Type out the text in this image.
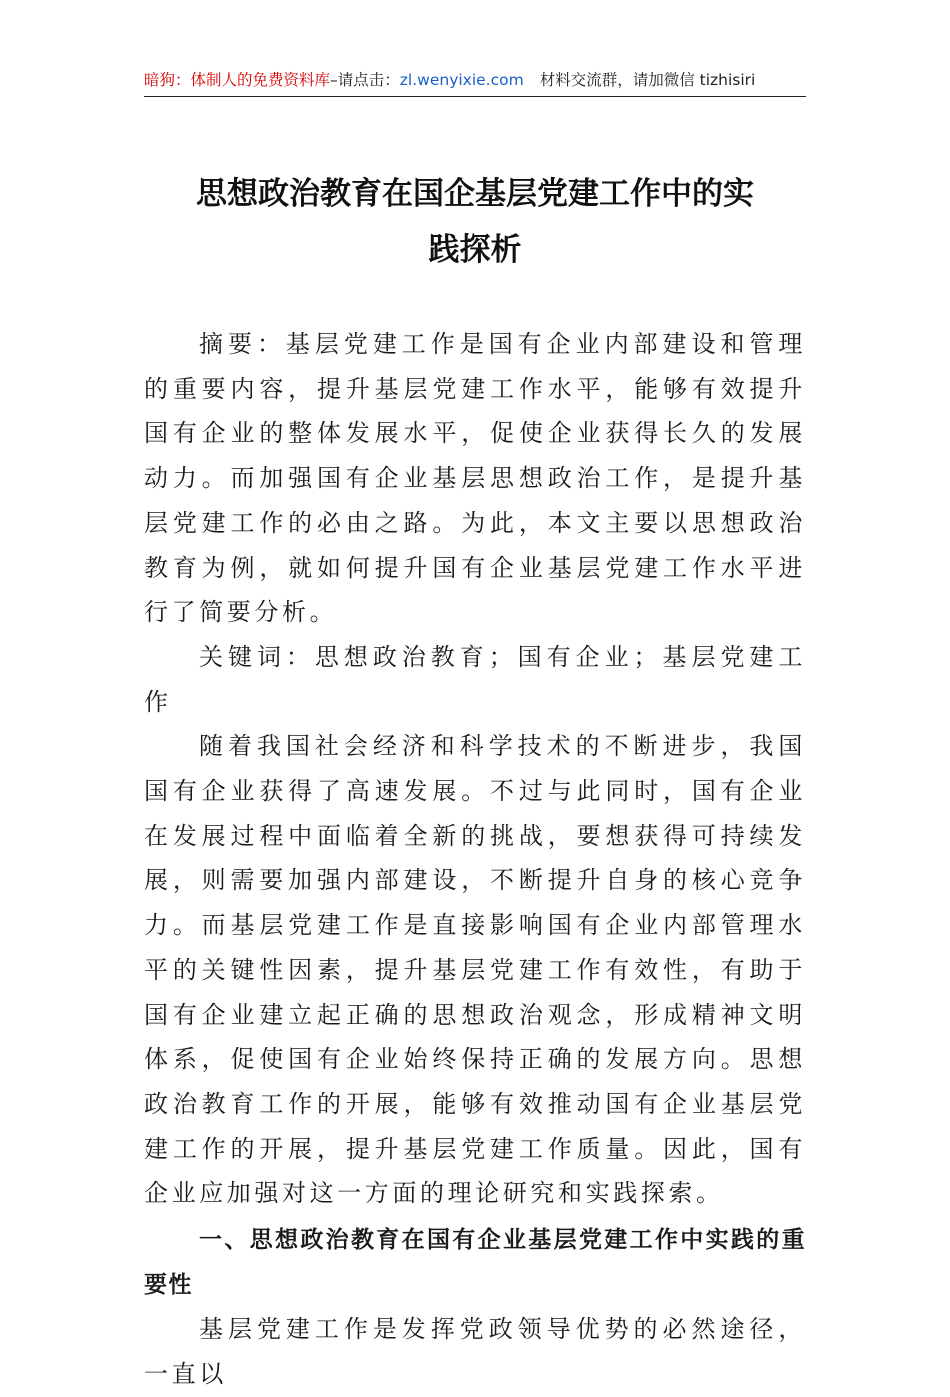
暗狗：体制人的免费资料库–请点击：zl.wenyixie.com 材料交流群，请加微信 tizhisiri
思想政治教育在国企基层党建工作中的实
践探析

摘要：基层党建工作是国有企业内部建设和管理的重要内容，提升基层党建工作水平，能够有效提升国有企业的整体发展水平，促使企业获得长久的发展动力。而加强国有企业基层思想政治工作，是提升基层党建工作的必由之路。为此，本文主要以思想政治教育为例，就如何提升国有企业基层党建工作水平进行了简要分析。

关键词：思想政治教育；国有企业；基层党建工作

随着我国社会经济和科学技术的不断进步，我国国有企业获得了高速发展。不过与此同时，国有企业在发展过程中面临着全新的挑战，要想获得可持续发展，则需要加强内部建设，不断提升自身的核心竞争力。而基层党建工作是直接影响国有企业内部管理水平的关键性因素，提升基层党建工作有效性，有助于国有企业建立起正确的思想政治观念，形成精神文明体系，促使国有企业始终保持正确的发展方向。思想政治教育工作的开展，能够有效推动国有企业基层党建工作的开展，提升基层党建工作质量。因此，国有企业应加强对这一方面的理论研究和实践探索。

一、思想政治教育在国有企业基层党建工作中实践的重要性

基层党建工作是发挥党政领导优势的必然途径，一直以
